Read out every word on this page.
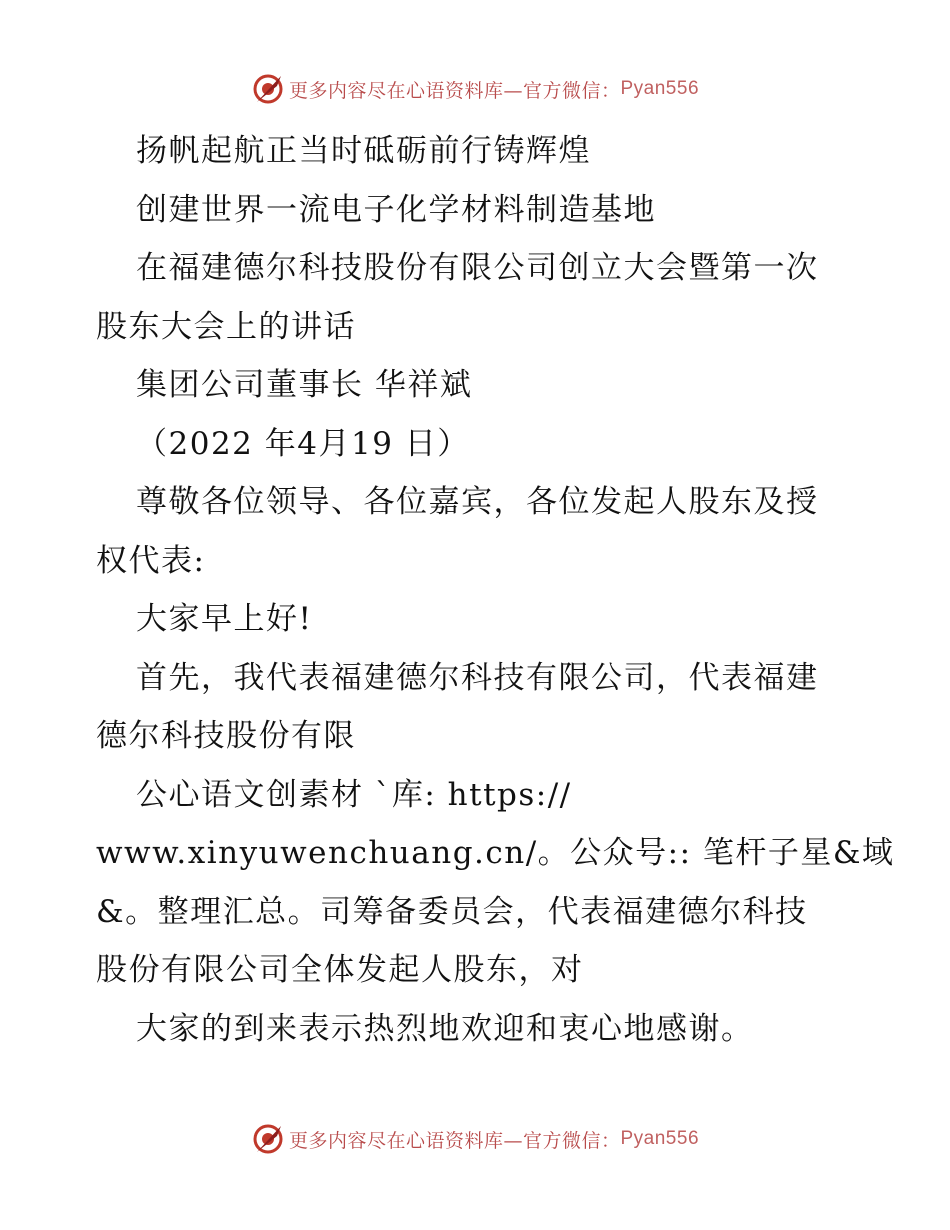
更多内容尽在心语资料库—官方微信： Pyan556
扬帆起航正当时砥砺前行铸辉煌
创建世界一流电子化学材料制造基地
在福建德尔科技股份有限公司创立大会暨第一次
股东大会上的讲话
集团公司董事长 华祥斌
（2022 年4月19 日）
尊敬各位领导、各位嘉宾，各位发起人股东及授
权代表:
大家早上好!
首先，我代表福建德尔科技有限公司，代表福建
德尔科技股份有限
公心语文创素材 `库: https://
www.xinyuwenchuang.cn/。公众号:: 笔杆子星&域
&。整理汇总。司筹备委员会，代表福建德尔科技
股份有限公司全体发起人股东，对
大家的到来表示热烈地欢迎和衷心地感谢。
更多内容尽在心语资料库—官方微信： Pyan556
